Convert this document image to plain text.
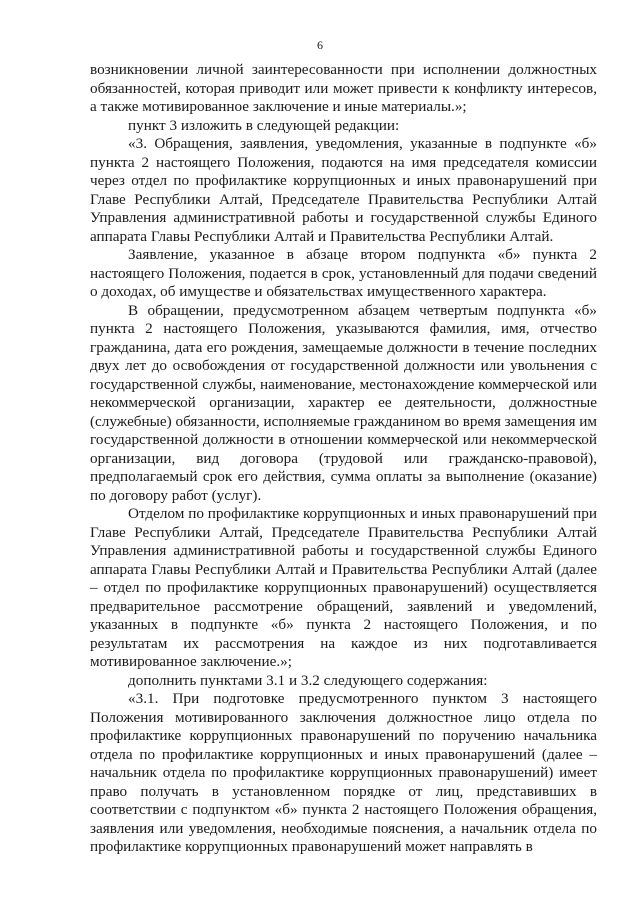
6

возникновении личной заинтересованности при исполнении должностных обязанностей, которая приводит или может привести к конфликту интересов, а также мотивированное заключение и иные материалы.»;

пункт 3 изложить в следующей редакции:

«3. Обращения, заявления, уведомления, указанные в подпункте «б» пункта 2 настоящего Положения, подаются на имя председателя комиссии через отдел по профилактике коррупционных и иных правонарушений при Главе Республики Алтай, Председателе Правительства Республики Алтай Управления административной работы и государственной службы Единого аппарата Главы Республики Алтай и Правительства Республики Алтай.

Заявление, указанное в абзаце втором подпункта «б» пункта 2 настоящего Положения, подается в срок, установленный для подачи сведений о доходах, об имуществе и обязательствах имущественного характера.

В обращении, предусмотренном абзацем четвертым подпункта «б» пункта 2 настоящего Положения, указываются фамилия, имя, отчество гражданина, дата его рождения, замещаемые должности в течение последних двух лет до освобождения от государственной должности или увольнения с государственной службы, наименование, местонахождение коммерческой или некоммерческой организации, характер ее деятельности, должностные (служебные) обязанности, исполняемые гражданином во время замещения им государственной должности в отношении коммерческой или некоммерческой организации, вид договора (трудовой или гражданско-правовой), предполагаемый срок его действия, сумма оплаты за выполнение (оказание) по договору работ (услуг).

Отделом по профилактике коррупционных и иных правонарушений при Главе Республики Алтай, Председателе Правительства Республики Алтай Управления административной работы и государственной службы Единого аппарата Главы Республики Алтай и Правительства Республики Алтай (далее – отдел по профилактике коррупционных правонарушений) осуществляется предварительное рассмотрение обращений, заявлений и уведомлений, указанных в подпункте «б» пункта 2 настоящего Положения, и по результатам их рассмотрения на каждое из них подготавливается мотивированное заключение.»;

дополнить пунктами 3.1 и 3.2 следующего содержания:

«3.1. При подготовке предусмотренного пунктом 3 настоящего Положения мотивированного заключения должностное лицо отдела по профилактике коррупционных правонарушений по поручению начальника отдела по профилактике коррупционных и иных правонарушений (далее – начальник отдела по профилактике коррупционных правонарушений) имеет право получать в установленном порядке от лиц, представивших в соответствии с подпунктом «б» пункта 2 настоящего Положения обращения, заявления или уведомления, необходимые пояснения, а начальник отдела по профилактике коррупционных правонарушений может направлять в
